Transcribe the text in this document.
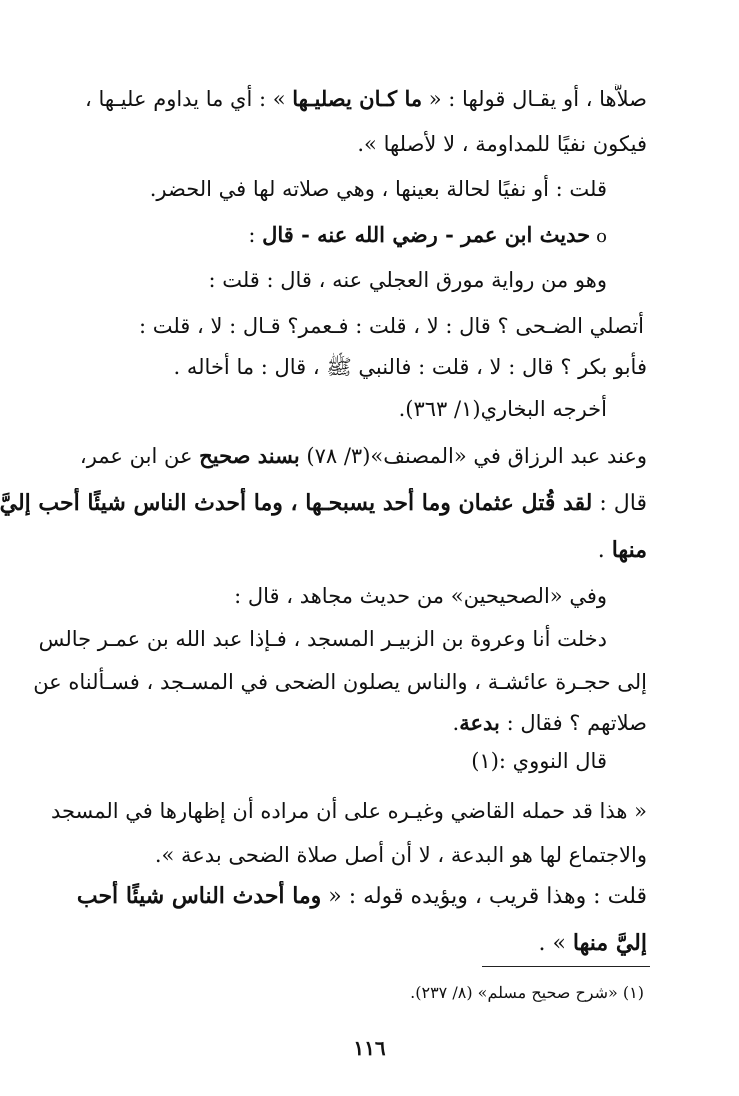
صلاَّها ، أو يقـال قولها : « ما كـان يصليـها » : أي ما يداوم عليـها ،
فيكون نفيًا للمداومة ، لا لأصلها ».
قلت : أو نفيًا لحالة بعينها ، وهي صلاته لها في الحضر.
oحديث ابن عمر - رضي الله عنه - قال :
وهو من رواية مورق العجلي عنه ، قال : قلت :
أتصلي الضـحى ؟ قال : لا ، قلت : فـعمر؟ قـال : لا ، قلت :
فأبو بكر ؟ قال : لا ، قلت : فالنبي ﷺ ، قال : ما أخاله .
أخرجه البخاري(١/ ٣٦٣).
وعند عبد الرزاق في «المصنف»(٣/ ٧٨) بسند صحيح عن ابن عمر،
قال : لقد قُتل عثمان وما أحد يسبحـها ، وما أحدث الناس شيئًا أحب إليَّ
منها .
وفي «الصحيحين» من حديث مجاهد ، قال :
دخلت أنا وعروة بن الزبيـر المسجد ، فـإذا عبد الله بن عمـر جالس
إلى حجـرة عائشـة ، والناس يصلون الضحى في المسـجد ، فسـألناه عن
صلاتهم ؟ فقال : بدعة.
قال النووي :(١)
« هذا قد حمله القاضي وغيـره على أن مراده أن إظهارها في المسجد
والاجتماع لها هو البدعة ، لا أن أصل صلاة الضحى بدعة ».
قلت : وهذا قريب ، ويؤيده قوله : « وما أحدث الناس شيئًا أحب
إليَّ منها » .
(١) «شرح صحيح مسلم» (٨/ ٢٣٧).
١١٦
